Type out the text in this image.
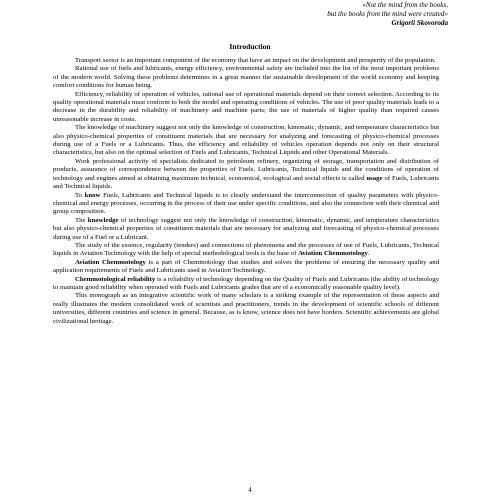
«Not the mind from the books,
but the books from the mind were created»
Grigorii Skovoroda
Introduction

Transport sector is an important component of the economy that have an impact on the development and prosperity of the population.

Rational use of fuels and lubricants, energy efficiency, environmental safety are included into the list of the most important problems of the modern world. Solving these problems determines in a great manner the sustainable development of the world economy and keeping comfort conditions for human being.

Efficiency, reliability of operation of vehicles, rational use of operational materials depend on their correct selection. According to its quality operational materials must conform to both the model and operating conditions of vehicles. The use of poor quality materials leads to a decrease in the durability and reliability of machinery and machine parts; the use of materials of higher quality than required causes unreasonable increase in costs.

The knowledge of machinery suggest not only the knowledge of construction, kinematic, dynamic, and temperature characteristics but also physico-chemical properties of constituent materials that are necessary for analyzing and forecasting of physico-chemical processes during use of a Fuels or a Lubricants. Thus, the efficiency and reliability of vehicles operation depends not only on their structural characteristics, but also on the optimal selection of Fuels and Lubricants, Technical Liquids and other Operational Materials.

Work professional activity of specialists dedicated to petroleum refinery, organizing of storage, transportation and distribution of products, assurance of correspondence between the properties of Fuels, Lubricants, Technical liquids and the conditions of operation of technology and engines aimed at obtaining maximum technical, economical, ecological and social effects is called usage of Fuels, Lubricants and Technical liquids.

To know Fuels, Lubricants and Technical liquids is to clearly understand the interconnection of quality parameters with physico-chemical and energy processes, occurring in the process of their use under specific conditions, and also the connection with their chemical and group composition.

The knowledge of technology suggest not only the knowledge of construction, kinematic, dynamic, and temperature characteristics but also physico-chemical properties of constituent materials that are necessary for analyzing and forecasting of physico-chemical processes during use of a Fuel or a Lubricant.

The study of the essence, regularity (tenders) and connections of phenomena and the processes of use of Fuels, Lubricants, Technical liquids in Aviation Technology with the help of special methodological tools is the base of Aviation Chemmotology.

Aviation Chemmotology is a part of Chemmotology that studies and solves the problems of ensuring the necessary quality and application requirements of Fuels and Lubricants used in Aviation Technology.

Chemmotological reliability is a reliability of technology depending on the Quality of Fuels and Lubricants (the ability of technology to maintain good reliability when operated with Fuels and Lubricants grades that are of a economically reasonable quality level).

This monograph as an integrative scientific work of many scholars is a striking example of the representation of these aspects and really illustrates the modern consolidated work of scientists and practitioners, trends in the development of scientific schools of different universities, different countries and science in general. Because, as is know, science does not have borders. Scientific achievements are global civilizational heritage.

4
